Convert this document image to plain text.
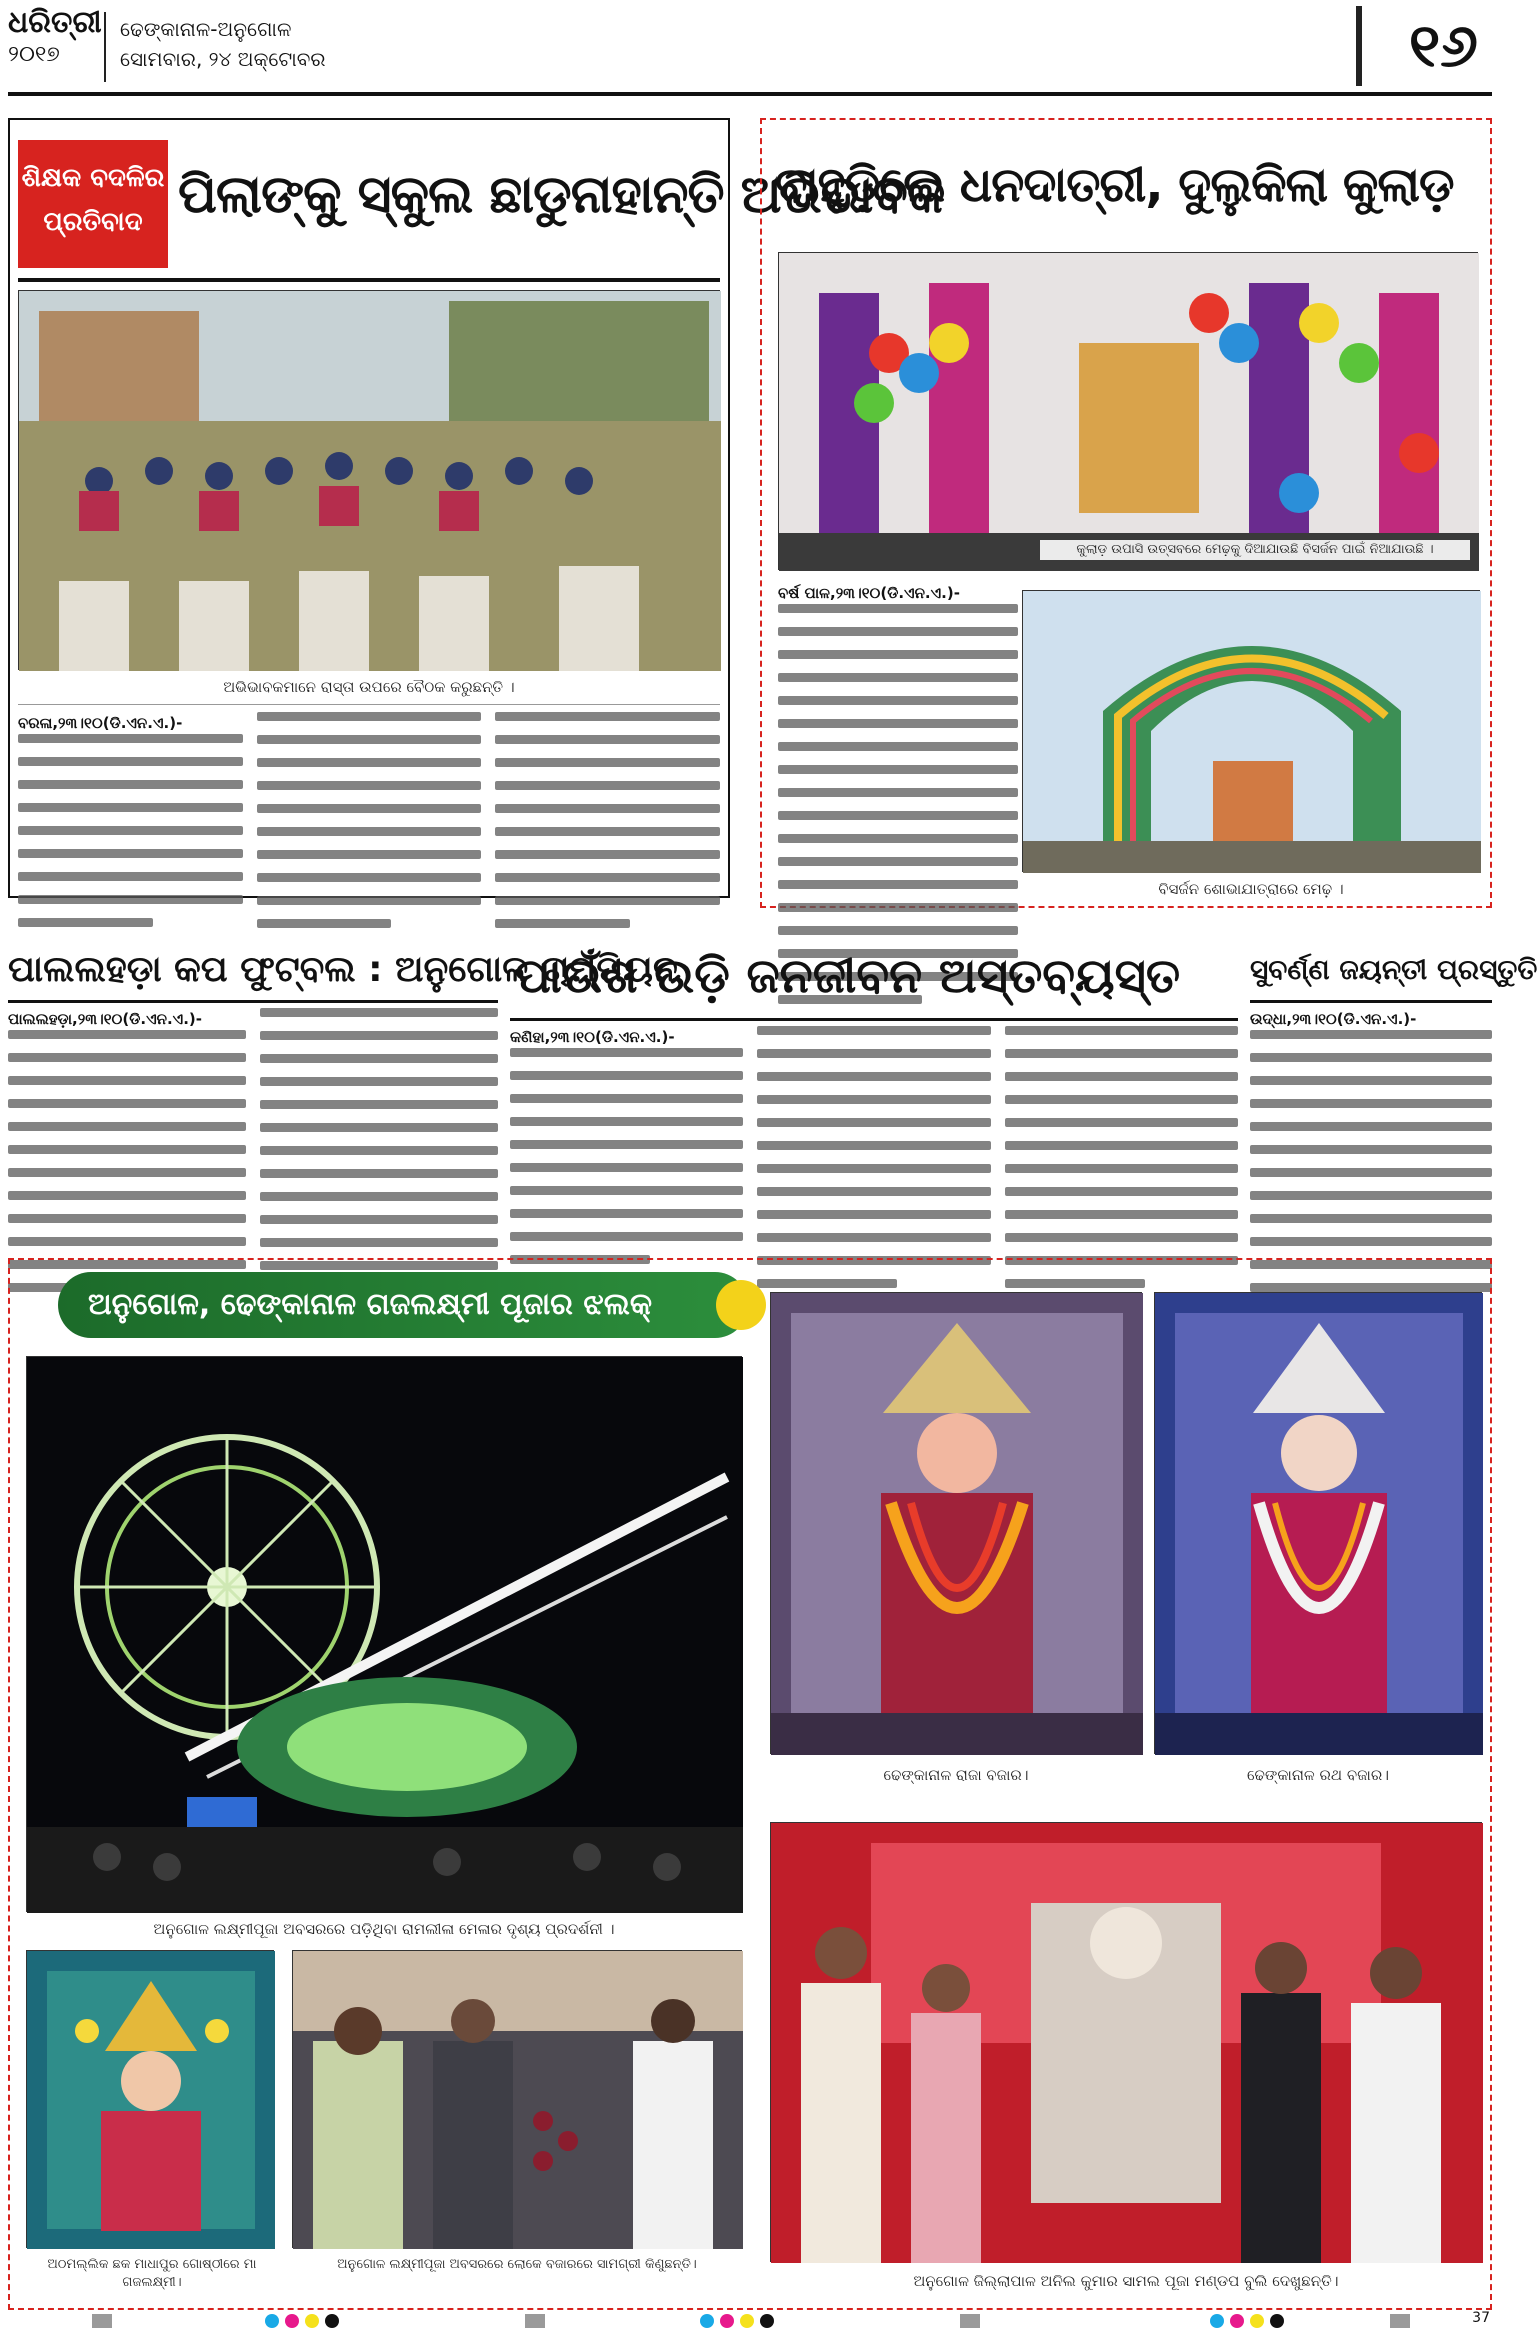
ଧରିତ୍ରୀ
୨୦୧୭
ଢେଙ୍କାନାଳ-ଅନୁଗୋଳ
ସୋମବାର, ୨୪ ଅକ୍ଟୋବର	୧୬
ଶିକ୍ଷକ ବଦଳିର
ପ୍ରତିବାଦ ପିଲାଙ୍କୁ ସ୍କୁଲ ଛାଡୁନାହାନ୍ତି ଅଭିଭାବକ
ଅଭିଭାବକମାନେ ରାସ୍ତା ଉପରେ ବୈଠକ କରୁଛନ୍ତି ।
ବରଳା,୨୩।୧୦(ଡି.ଏନ.ଏ.)-
ବାହୁଡ଼ିଲେ ଧନଦାତ୍ରୀ, ଦୁଲୁକିଲା କୁଲାଡ଼
କୁଲାଡ଼ ଉପାସି ଉତ୍ସବରେ ମେଢ଼କୁ ଦିଆଯାଉଛି ବିସର୍ଜନ ପାଇଁ ନିଆଯାଉଛି ।
ବର୍ଷ ପାଳ,୨୩।୧୦(ଡି.ଏନ.ଏ.)-
ବିସର୍ଜନ ଶୋଭାଯାତ୍ରାରେ ମେଢ଼ ।
ପାଲଲହଡ଼ା କପ ଫୁଟ୍‌ବଲ : ଅନୁଗୋଳ ଚାମ୍ପିୟନ
ପାଲଲହଡ଼ା,୨୩।୧୦(ଡି.ଏନ.ଏ.)-
ପାଉଁଶ ଉଡ଼ି ଜନଜୀବନ ଅସ୍ତବ୍ୟସ୍ତ
କଣିହା,୨୩।୧୦(ଡି.ଏନ.ଏ.)-
ସୁବର୍ଣ୍ଣ ଜୟନ୍ତୀ ପ୍ରସ୍ତୁତି
ଉଦ୍ଧା,୨୩।୧୦(ଡି.ଏନ.ଏ.)-
ଅନୁଗୋଳ, ଢେଙ୍କାନାଳ ଗଜଲକ୍ଷ୍ମୀ ପୂଜାର ଝଲକ୍
ଅନୁଗୋଳ ଲକ୍ଷ୍ମୀପୂଜା ଅବସରରେ ପଡ଼ିଥିବା ରାମଲୀଳା ମେଳାର ଦୃଶ୍ୟ ପ୍ରଦର୍ଶନୀ ।
ଢେଙ୍କାନାଳ ରାଜା ବଜାର।	ଢେଙ୍କାନାଳ ରଥ ବଜାର।
ଅଠମଲ୍ଲିକ ଛକ ମାଧାପୁର ଗୋଷ୍ଠୀରେ ମା ଗଜଲକ୍ଷ୍ମୀ।
ଅନୁଗୋଳ ଲକ୍ଷ୍ମୀପୂଜା ଅବସରରେ ଲୋକେ ବଜାରରେ ସାମଗ୍ରୀ କିଣୁଛନ୍ତି।
ଅନୁଗୋଳ ଜିଲ୍ଲାପାଳ ଅନିଲ କୁମାର ସାମଲ ପୂଜା ମଣ୍ଡପ ବୁଲି ଦେଖୁଛନ୍ତି।
37
